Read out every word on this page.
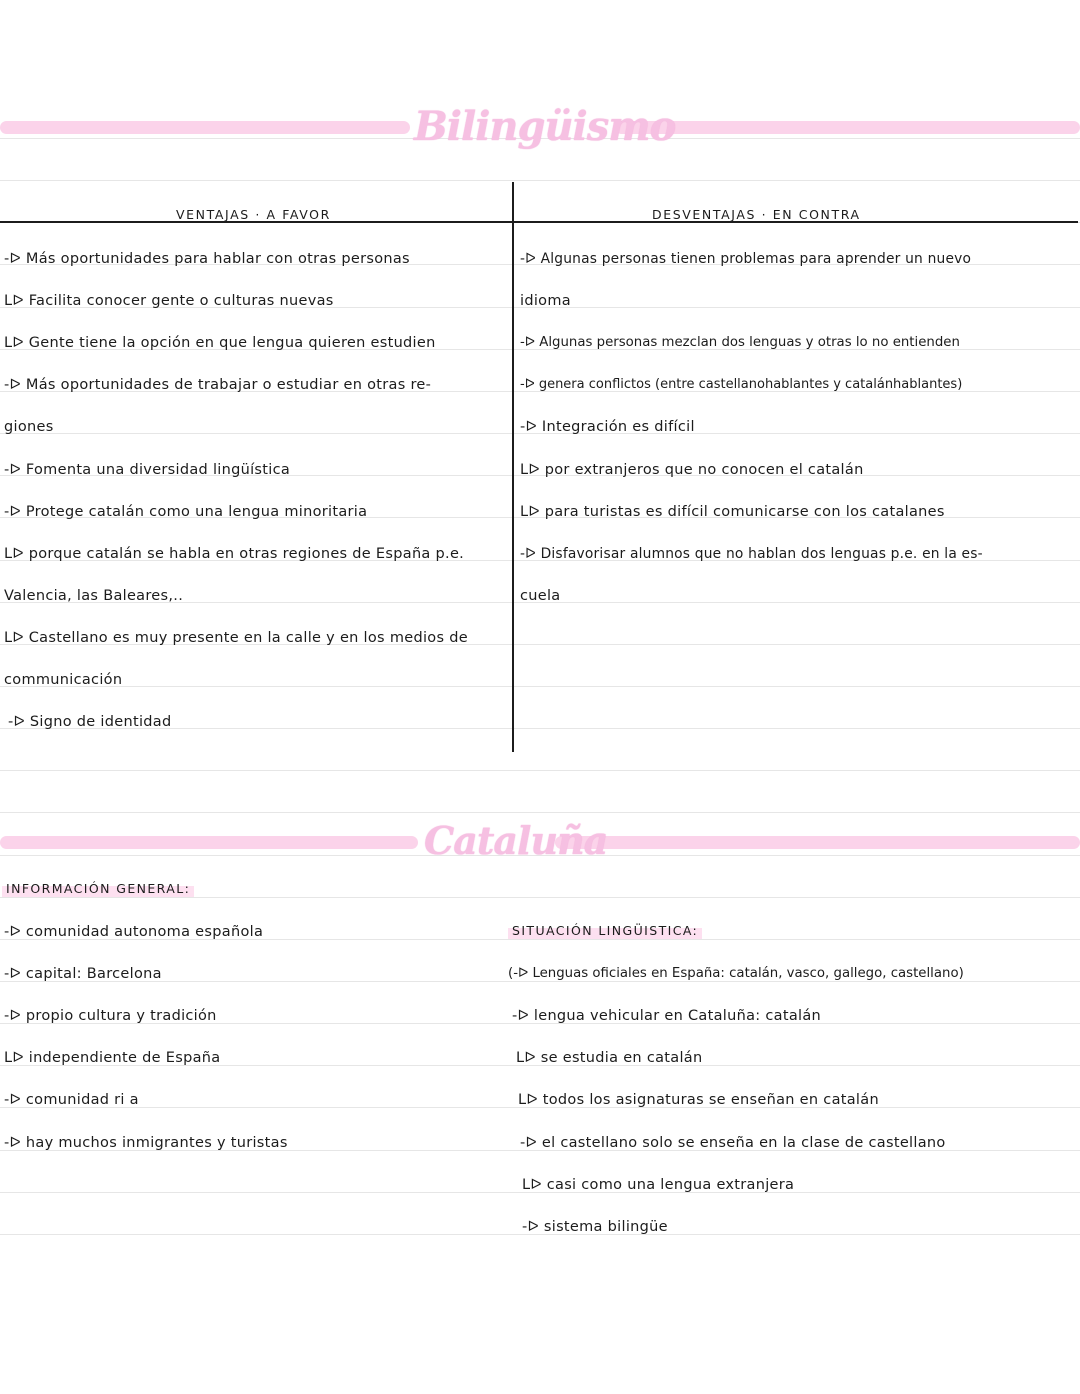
Bilingüismo
VENTAJAS · A FAVOR	DESVENTAJAS · EN CONTRA
-ᐅ Más oportunidades para hablar con otras personas
ᒪᐅ Facilita conocer gente o culturas nuevas
ᒪᐅ Gente tiene la opción en que lengua quieren estudien
-ᐅ Más oportunidades de trabajar o estudiar en otras re-
giones
-ᐅ Fomenta una diversidad lingüística
-ᐅ Protege catalán como una lengua minoritaria
ᒪᐅ porque catalán se habla en otras regiones de España p.e.
Valencia, las Baleares,..
ᒪᐅ Castellano es muy presente en la calle y en los medios de
communicación
-ᐅ Signo de identidad
-ᐅ Algunas personas tienen problemas para aprender un nuevo
idioma
-ᐅ Algunas personas mezclan dos lenguas y otras lo no entienden
-ᐅ genera conflictos (entre castellanohablantes y catalánhablantes)
-ᐅ Integración es difícil
ᒪᐅ por extranjeros que no conocen el catalán
ᒪᐅ para turistas es difícil comunicarse con los catalanes
-ᐅ Disfavorisar alumnos que no hablan dos lenguas p.e. en la es-
cuela
Cataluña
INFORMACIÓN GENERAL:
-ᐅ comunidad autonoma española
-ᐅ capital: Barcelona
-ᐅ propio cultura y tradición
ᒪᐅ independiente de España
-ᐅ comunidad ri a
-ᐅ hay muchos inmigrantes y turistas
SITUACIÓN LINGÜISTICA:
(-ᐅ Lenguas oficiales en España: catalán, vasco, gallego, castellano)
-ᐅ lengua vehicular en Cataluña: catalán
ᒪᐅ se estudia en catalán
ᒪᐅ todos los asignaturas se enseñan en catalán
-ᐅ el castellano solo se enseña en la clase de castellano
ᒪᐅ casi como una lengua extranjera
-ᐅ sistema bilingüe
